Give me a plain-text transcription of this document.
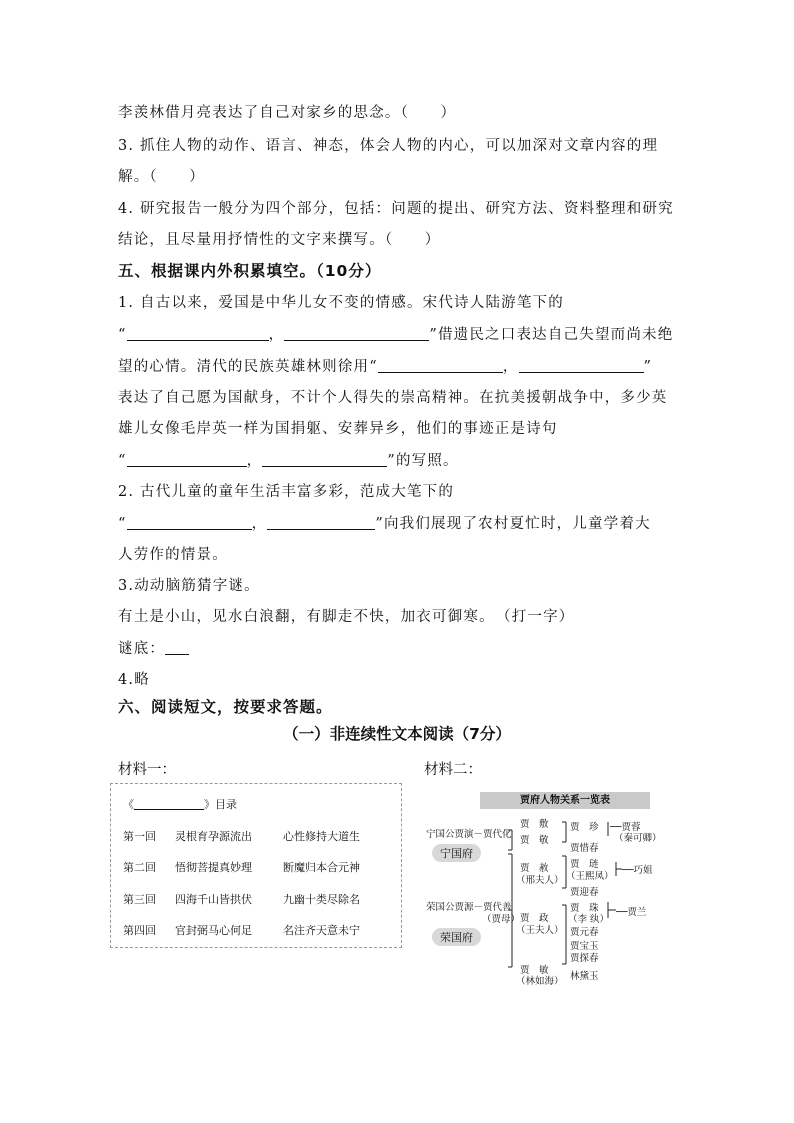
李羡林借月亮表达了自己对家乡的思念。（　　）
3. 抓住人物的动作、语言、神态，体会人物的内心，可以加深对文章内容的理
解。（　　）
4. 研究报告一般分为四个部分，包括：问题的提出、研究方法、资料整理和研究
结论，且尽量用抒情性的文字来撰写。（　　）
五、根据课内外积累填空。（10分）
1. 自古以来，爱国是中华儿女不变的情感。宋代诗人陆游笔下的
“	，	”借遗民之口表达自己失望而尚未绝
望的心情。清代的民族英雄林则徐用“	，	”
表达了自己愿为国献身，不计个人得失的崇高精神。在抗美援朝战争中，多少英
雄儿女像毛岸英一样为国捐躯、安葬异乡，他们的事迹正是诗句
“	，	”的写照。
2. 古代儿童的童年生活丰富多彩，范成大笔下的
“	，	”向我们展现了农村夏忙时，儿童学着大
人劳作的情景。
3.动动脑筋猜字谜。
有土是小山，见水白浪翻，有脚走不快，加衣可御寒。　（打一字）
谜底：
4.略
六、阅读短文，按要求答题。
（一）非连续性文本阅读（7分）
材料一：	材料二：
《	》目录
第一回 灵根育孕源流出	心性修持大道生
第二回 悟彻菩提真妙理	断魔归本合元神
第三回 四海千山皆拱伏	九幽十类尽除名
第四回 官封弼马心何足	名注齐天意未宁
贾府人物关系一览表
宁国公贾演－贾代化
宁国府
荣国公贾源－贾代善
（贾母）
荣国府
贾　敷
贾　敬
贾　珍 ──贾蓉
（秦可卿）
贾惜春
贾　赦
（邢夫人）
贾　琏
（王熙凤）
──巧姐
贾迎春
贾　政
（王夫人）
贾　珠
（李 纨）
──贾兰
贾元春
贾宝玉
贾探春
贾　敏
（林如海） 林黛玉
